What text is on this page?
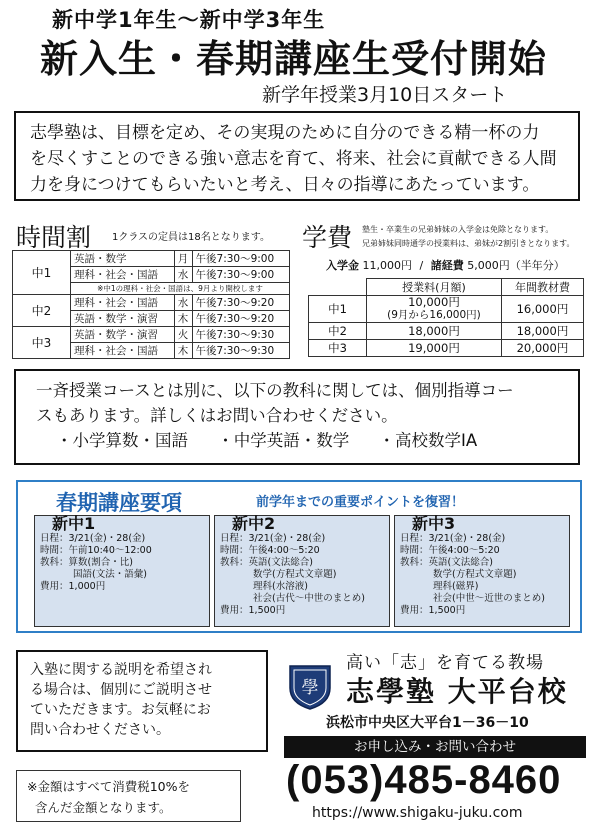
新中学1年生～新中学3年生
新入生・春期講座生受付開始
新学年授業3月10日スタート
志學塾は、目標を定め、その実現のために自分のできる精一杯の力
を尽くすことのできる強い意志を育て、将来、社会に貢献できる人間
力を身につけてもらいたいと考え、日々の指導にあたっています。
時間割 1クラスの定員は18名となります。
中1	英語・数学	月	午後7:30～9:00
	理科・社会・国語	水	午後7:30～9:00
	※中1の理科・社会・国語は、9月より開校します		
中2	理科・社会・国語	水	午後7:30～9:20
	英語・数学・演習	木	午後7:30～9:20
中3	英語・数学・演習	火	午後7:30～9:30
	理科・社会・国語	木	午後7:30～9:30
学費 塾生・卒業生の兄弟姉妹の入学金は免除となります。
兄弟姉妹同時通学の授業料は、弟妹が2割引きとなります。
入学金 11,000円 / 諸経費 5,000円（半年分）
	授業料(月額)	年間教材費
中1	10,000円
(9月から16,000円)	16,000円
中2	18,000円	18,000円
中3	19,000円	20,000円
一斉授業コースとは別に、以下の教科に関しては、個別指導コー
スもあります。詳しくはお問い合わせください。
・小学算数・国語 ・中学英語・数学 ・高校数学ⅠA
春期講座要項	前学年までの重要ポイントを復習！
新中1
日程：3/21(金)・28(金)
時間：午前10:40～12:00
教科：算数(割合・比)
国語(文法・語彙)
費用：1,000円
新中2
日程：3/21(金)・28(金)
時間：午後4:00～5:20
教科：英語(文法総合)
数学(方程式文章題)
理科(水溶液)
社会(古代～中世のまとめ)
費用：1,500円
新中3
日程：3/21(金)・28(金)
時間：午後4:00～5:20
教科：英語(文法総合)
数学(方程式文章題)
理科(磁界)
社会(中世～近世のまとめ)
費用：1,500円
入塾に関する説明を希望され
る場合は、個別にご説明させ
ていただきます。お気軽にお
問い合わせください。
※金額はすべて消費税10%を
含んだ金額となります。
高い「志」を育てる教場
學 志學塾 大平台校
浜松市中央区大平台1－36－10
お申し込み・お問い合わせ
(053)485-8460
https://www.shigaku-juku.com
